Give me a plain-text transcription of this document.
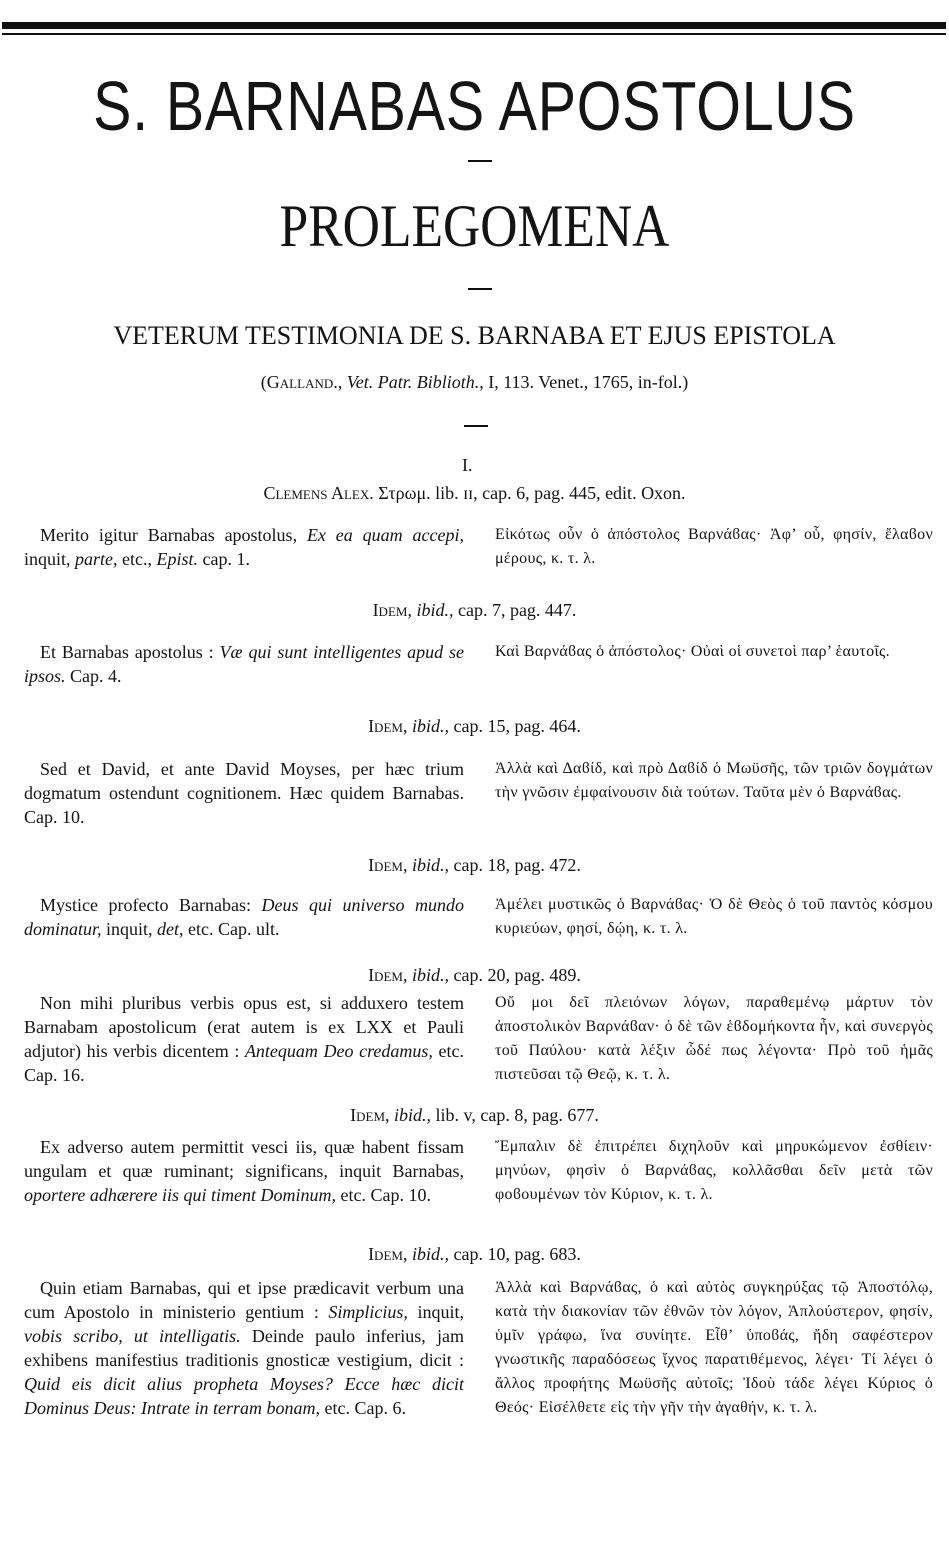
S. BARNABAS APOSTOLUS
PROLEGOMENA
VETERUM TESTIMONIA DE S. BARNABA ET EJUS EPISTOLA
(Galland., Vet. Patr. Biblioth., I, 113. Venet., 1765, in-fol.)
I.
Clemens Alex. Στρωμ. lib. ɪɪ, cap. 6, pag. 445, edit. Oxon.
Merito igitur Barnabas apostolus, Ex ea quam accepi, inquit, parte, etc., Epist. cap. 1.
Εἰκότως οὖν ὁ ἀπόστολος Βαρνάϐας· Ἀφ’ οὗ, φησίν, ἔλαϐον μέρους, κ. τ. λ.
Idem, ibid., cap. 7, pag. 447.
Et Barnabas apostolus : Væ qui sunt intelligentes apud se ipsos. Cap. 4.
Καὶ Βαρνάϐας ὁ ἀπόστολος· Οὐαὶ οἱ συνετοὶ παρ’ ἑαυτοῖς.
Idem, ibid., cap. 15, pag. 464.
Sed et David, et ante David Moyses, per hæc trium dogmatum ostendunt cognitionem. Hæc quidem Barnabas. Cap. 10.
Ἀλλὰ καὶ Δαϐίδ, καὶ πρὸ Δαϐίδ ὁ Μωϋσῆς, τῶν τριῶν δογμάτων τὴν γνῶσιν ἐμφαίνουσιν διὰ τούτων. Ταῦτα μὲν ὁ Βαρνάϐας.
Idem, ibid., cap. 18, pag. 472.
Mystice profecto Barnabas: Deus qui universo mundo dominatur, inquit, det, etc. Cap. ult.
Ἀμέλει μυστικῶς ὁ Βαρνάϐας· Ὁ δὲ Θεὸς ὁ τοῦ παντὸς κόσμου κυριεύων, φησί, δῴη, κ. τ. λ.
Idem, ibid., cap. 20, pag. 489.
Non mihi pluribus verbis opus est, si adduxero testem Barnabam apostolicum (erat autem is ex LXX et Pauli adjutor) his verbis dicentem : Antequam Deo credamus, etc. Cap. 16.
Οὔ μοι δεῖ πλειόνων λόγων, παραθεμένῳ μάρτυν τὸν ἀποστολικὸν Βαρνάϐαν· ὁ δὲ τῶν ἑϐδομήκοντα ἦν, καὶ συνεργὸς τοῦ Παύλου· κατὰ λέξιν ὧδέ πως λέγοντα· Πρὸ τοῦ ἡμᾶς πιστεῦσαι τῷ Θεῷ, κ. τ. λ.
Idem, ibid., lib. v, cap. 8, pag. 677.
Ex adverso autem permittit vesci iis, quæ habent fissam ungulam et quæ ruminant; significans, inquit Barnabas, oportere adhærere iis qui timent Dominum, etc. Cap. 10.
Ἔμπαλιν δὲ ἐπιτρέπει διχηλοῦν καὶ μηρυκώμενον ἐσθίειν· μηνύων, φησὶν ὁ Βαρνάϐας, κολλᾶσθαι δεῖν μετὰ τῶν φοϐουμένων τὸν Κύριον, κ. τ. λ.
Idem, ibid., cap. 10, pag. 683.
Quin etiam Barnabas, qui et ipse prædicavit verbum una cum Apostolo in ministerio gentium : Simplicius, inquit, vobis scribo, ut intelligatis. Deinde paulo inferius, jam exhibens manifestius traditionis gnosticæ vestigium, dicit : Quid eis dicit alius propheta Moyses? Ecce hæc dicit Dominus Deus: Intrate in terram bonam, etc. Cap. 6.
Ἀλλὰ καὶ Βαρνάϐας, ὁ καὶ αὐτὸς συγκηρύξας τῷ Ἀποστόλῳ, κατὰ τὴν διακονίαν τῶν ἐθνῶν τὸν λόγον, Ἁπλούστερον, φησίν, ὑμῖν γράφω, ἵνα συνίητε. Εἶθ’ ὑποϐάς, ἤδη σαφέστερον γνωστικῆς παραδόσεως ἴχνος παρατιθέμενος, λέγει· Τί λέγει ὁ ἄλλος προφήτης Μωϋσῆς αὐτοῖς; Ἰδοὺ τάδε λέγει Κύριος ὁ Θεός· Εἰσέλθετε εἰς τὴν γῆν τὴν ἀγαθήν, κ. τ. λ.
